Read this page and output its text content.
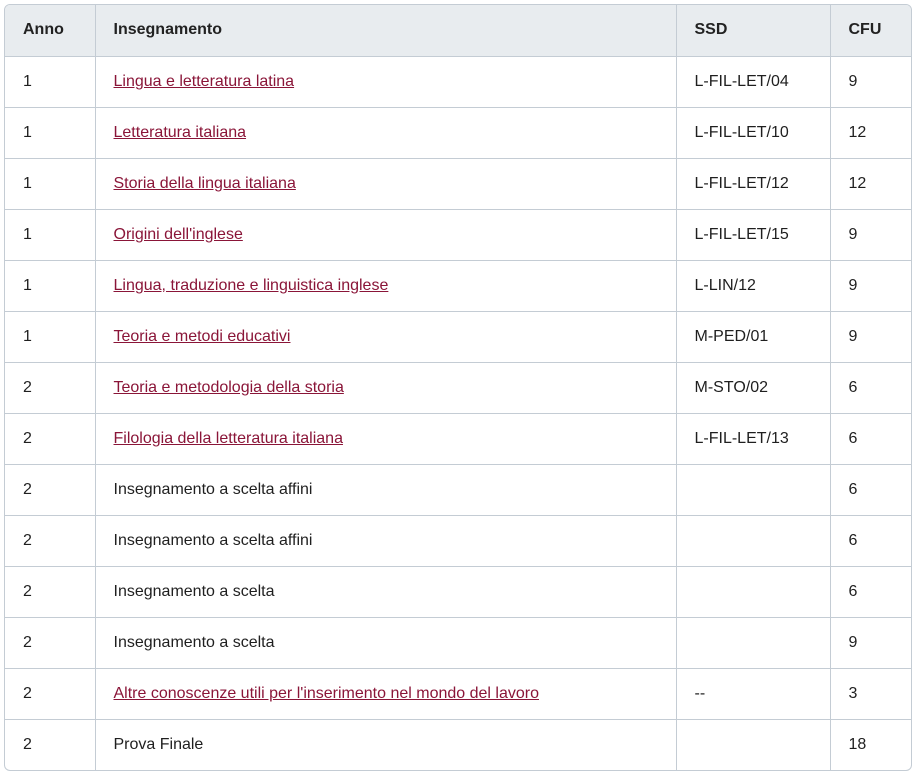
Anno	Insegnamento	SSD	CFU
1	Lingua e letteratura latina	L-FIL-LET/04	9
1	Letteratura italiana	L-FIL-LET/10	12
1	Storia della lingua italiana	L-FIL-LET/12	12
1	Origini dell'inglese	L-FIL-LET/15	9
1	Lingua, traduzione e linguistica inglese	L-LIN/12	9
1	Teoria e metodi educativi	M-PED/01	9
2	Teoria e metodologia della storia	M-STO/02	6
2	Filologia della letteratura italiana	L-FIL-LET/13	6
2	Insegnamento a scelta affini		6
2	Insegnamento a scelta affini		6
2	Insegnamento a scelta		6
2	Insegnamento a scelta		9
2	Altre conoscenze utili per l'inserimento nel mondo del lavoro	--	3
2	Prova Finale		18
